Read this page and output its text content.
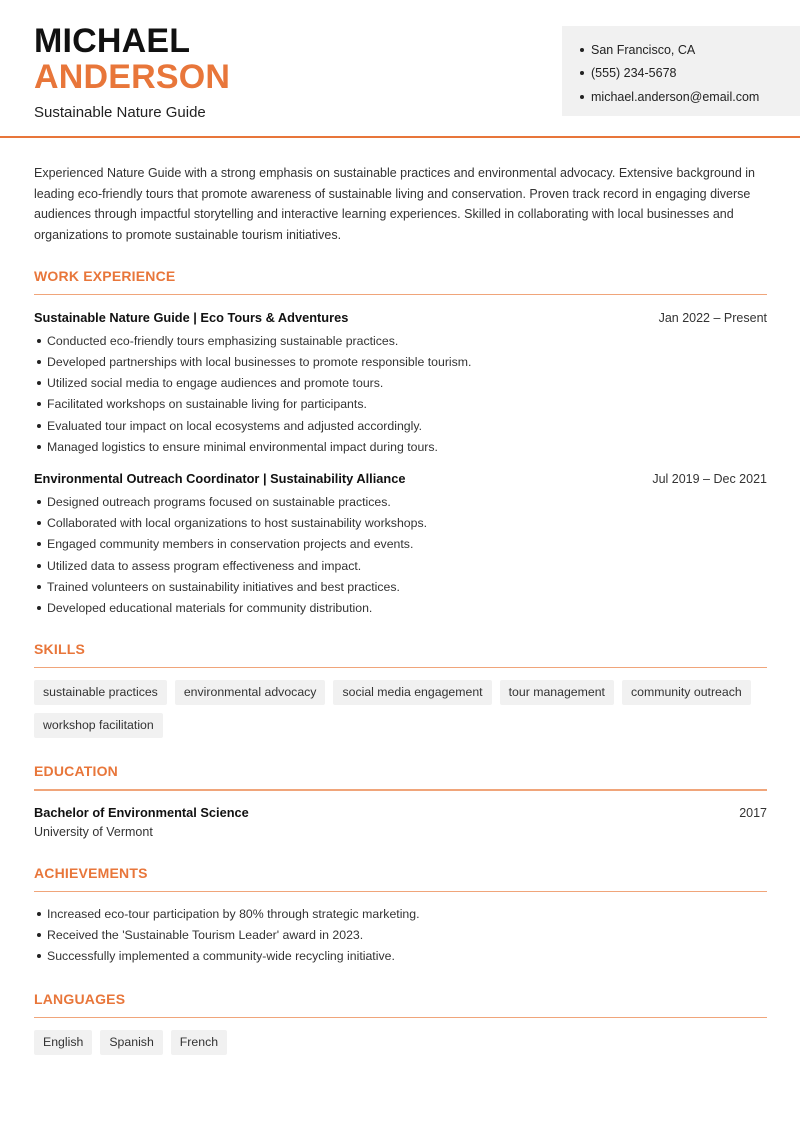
MICHAEL
ANDERSON
Sustainable Nature Guide
San Francisco, CA
(555) 234-5678
michael.anderson@email.com

Experienced Nature Guide with a strong emphasis on sustainable practices and environmental advocacy. Extensive background in leading eco-friendly tours that promote awareness of sustainable living and conservation. Proven track record in engaging diverse audiences through impactful storytelling and interactive learning experiences. Skilled in collaborating with local businesses and organizations to promote sustainable tourism initiatives.

WORK EXPERIENCE
Sustainable Nature Guide | Eco Tours & Adventures	Jan 2022 – Present
Conducted eco-friendly tours emphasizing sustainable practices.
Developed partnerships with local businesses to promote responsible tourism.
Utilized social media to engage audiences and promote tours.
Facilitated workshops on sustainable living for participants.
Evaluated tour impact on local ecosystems and adjusted accordingly.
Managed logistics to ensure minimal environmental impact during tours.
Environmental Outreach Coordinator | Sustainability Alliance	Jul 2019 – Dec 2021
Designed outreach programs focused on sustainable practices.
Collaborated with local organizations to host sustainability workshops.
Engaged community members in conservation projects and events.
Utilized data to assess program effectiveness and impact.
Trained volunteers on sustainability initiatives and best practices.
Developed educational materials for community distribution.
SKILLS
sustainable practices	environmental advocacy	social media engagement	tour management	community outreach
workshop facilitation
EDUCATION
Bachelor of Environmental Science	2017
University of Vermont
ACHIEVEMENTS
Increased eco-tour participation by 80% through strategic marketing.
Received the 'Sustainable Tourism Leader' award in 2023.
Successfully implemented a community-wide recycling initiative.
LANGUAGES
English	Spanish	French
